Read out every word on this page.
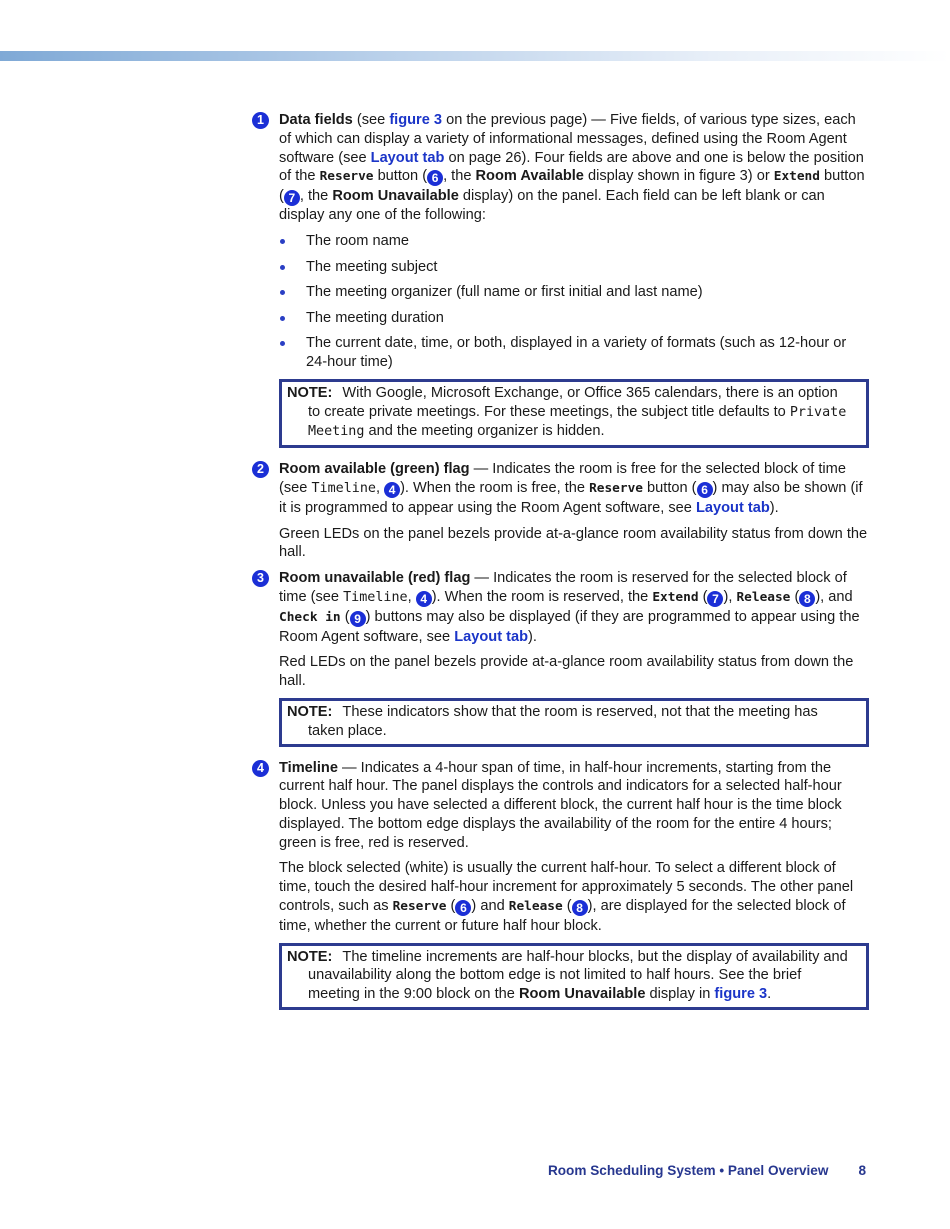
1	Data fields (see figure 3 on the previous page) — Five fields, of various type sizes, each of which can display a variety of informational messages, defined using the Room Agent software (see Layout tab on page 26). Four fields are above and one is below the position of the Reserve button ( 6 , the Room Available display shown in figure 3) or Extend button ( 7 , the Room Unavailable display) on the panel. Each field can be left blank or can display any one of the following:

The room name
The meeting subject
The meeting organizer (full name or first initial and last name)
The meeting duration
The current date, time, or both, displayed in a variety of formats (such as 12-hour or 24-hour time)
NOTE: With Google, Microsoft Exchange, or Office 365 calendars, there is an option to create private meetings. For these meetings, the subject title defaults to Private Meeting and the meeting organizer is hidden.
2	Room available (green) flag — Indicates the room is free for the selected block of time (see Timeline, 4 ). When the room is free, the Reserve button ( 6 ) may also be shown (if it is programmed to appear using the Room Agent software, see Layout tab).

Green LEDs on the panel bezels provide at-a-glance room availability status from down the hall.

3	Room unavailable (red) flag — Indicates the room is reserved for the selected block of time (see Timeline, 4 ). When the room is reserved, the Extend ( 7 ), Release ( 8 ), and Check in ( 9 ) buttons may also be displayed (if they are programmed to appear using the Room Agent software, see Layout tab).

Red LEDs on the panel bezels provide at-a-glance room availability status from down the hall.

NOTE: These indicators show that the room is reserved, not that the meeting has taken place.
4	Timeline — Indicates a 4-hour span of time, in half-hour increments, starting from the current half hour. The panel displays the controls and indicators for a selected half-hour block. Unless you have selected a different block, the current half hour is the time block displayed. The bottom edge displays the availability of the room for the entire 4 hours; green is free, red is reserved.

The block selected (white) is usually the current half-hour. To select a different block of time, touch the desired half-hour increment for approximately 5 seconds. The other panel controls, such as Reserve ( 6 ) and Release ( 8 ), are displayed for the selected block of time, whether the current or future half hour block.

NOTE: The timeline increments are half-hour blocks, but the display of availability and unavailability along the bottom edge is not limited to half hours. See the brief meeting in the 9:00 block on the Room Unavailable display in figure 3.
Room Scheduling System • Panel Overview 8
